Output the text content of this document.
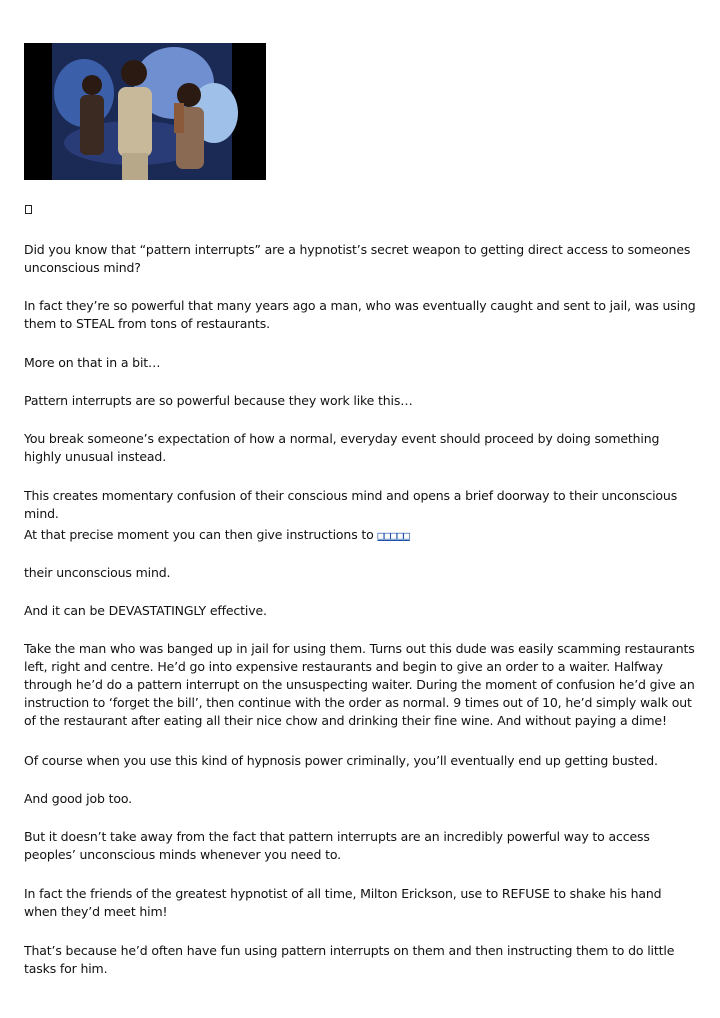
Did you know that “pattern interrupts” are a hypnotist’s secret weapon to getting direct access to someones unconscious mind?

In fact they’re so powerful that many years ago a man, who was eventually caught and sent to jail, was using them to STEAL from tons of restaurants.

More on that in a bit…

Pattern interrupts are so powerful because they work like this…

You break someone’s expectation of how a normal, everyday event should proceed by doing something highly unusual instead.

This creates momentary confusion of their conscious mind and opens a brief doorway to their unconscious mind.

At that precise moment you can then give instructions to □□□□□

their unconscious mind.

And it can be DEVASTATINGLY effective.

Take the man who was banged up in jail for using them. Turns out this dude was easily scamming restaurants left, right and centre. He’d go into expensive restaurants and begin to give an order to a waiter. Halfway through he’d do a pattern interrupt on the unsuspecting waiter. During the moment of confusion he’d give an instruction to ‘forget the bill’, then continue with the order as normal. 9 times out of 10, he’d simply walk out of the restaurant after eating all their nice chow and drinking their fine wine. And without paying a dime!

Of course when you use this kind of hypnosis power criminally, you’ll eventually end up getting busted.

And good job too.

But it doesn’t take away from the fact that pattern interrupts are an incredibly powerful way to access peoples’ unconscious minds whenever you need to.

In fact the friends of the greatest hypnotist of all time, Milton Erickson, use to REFUSE to shake his hand when they’d meet him!

That’s because he’d often have fun using pattern interrupts on them and then instructing them to do little tasks for him.
